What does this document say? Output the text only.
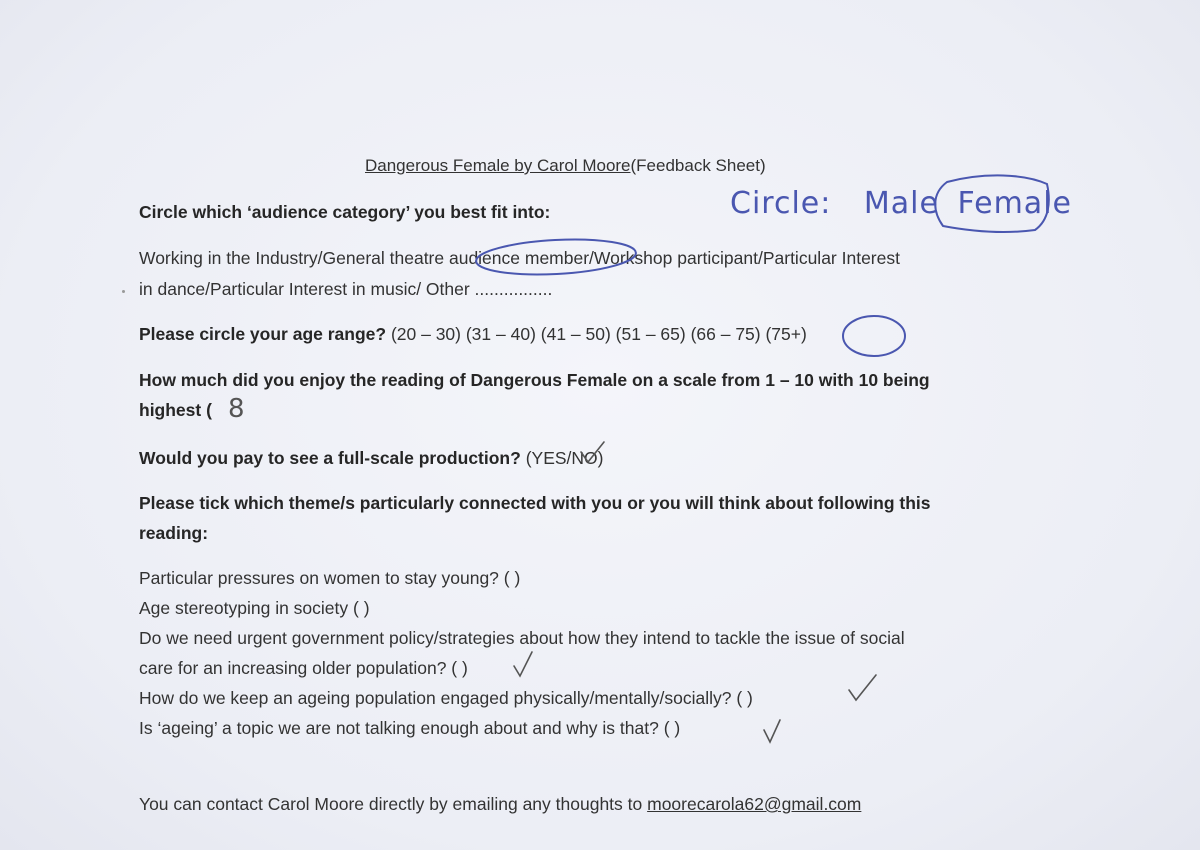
Dangerous Female by Carol Moore(Feedback Sheet)
Circle which ‘audience category’ you best fit into:	Circle: Male Female
Working in the Industry/General theatre audience member/Workshop participant/Particular Interest
in dance/Particular Interest in music/ Other ................
Please circle your age range? (20 – 30) (31 – 40) (41 – 50) (51 – 65) (66 – 75) (75+)
How much did you enjoy the reading of Dangerous Female on a scale from 1 – 10 with 10 being
highest ( 8
Would you pay to see a full-scale production? (YES/NO)
Please tick which theme/s particularly connected with you or you will think about following this
reading:
Particular pressures on women to stay young? ( )
Age stereotyping in society ( )
Do we need urgent government policy/strategies about how they intend to tackle the issue of social
care for an increasing older population? ( )
How do we keep an ageing population engaged physically/mentally/socially? ( )
Is ‘ageing’ a topic we are not talking enough about and why is that? ( )
You can contact Carol Moore directly by emailing any thoughts to moorecarola62@gmail.com
